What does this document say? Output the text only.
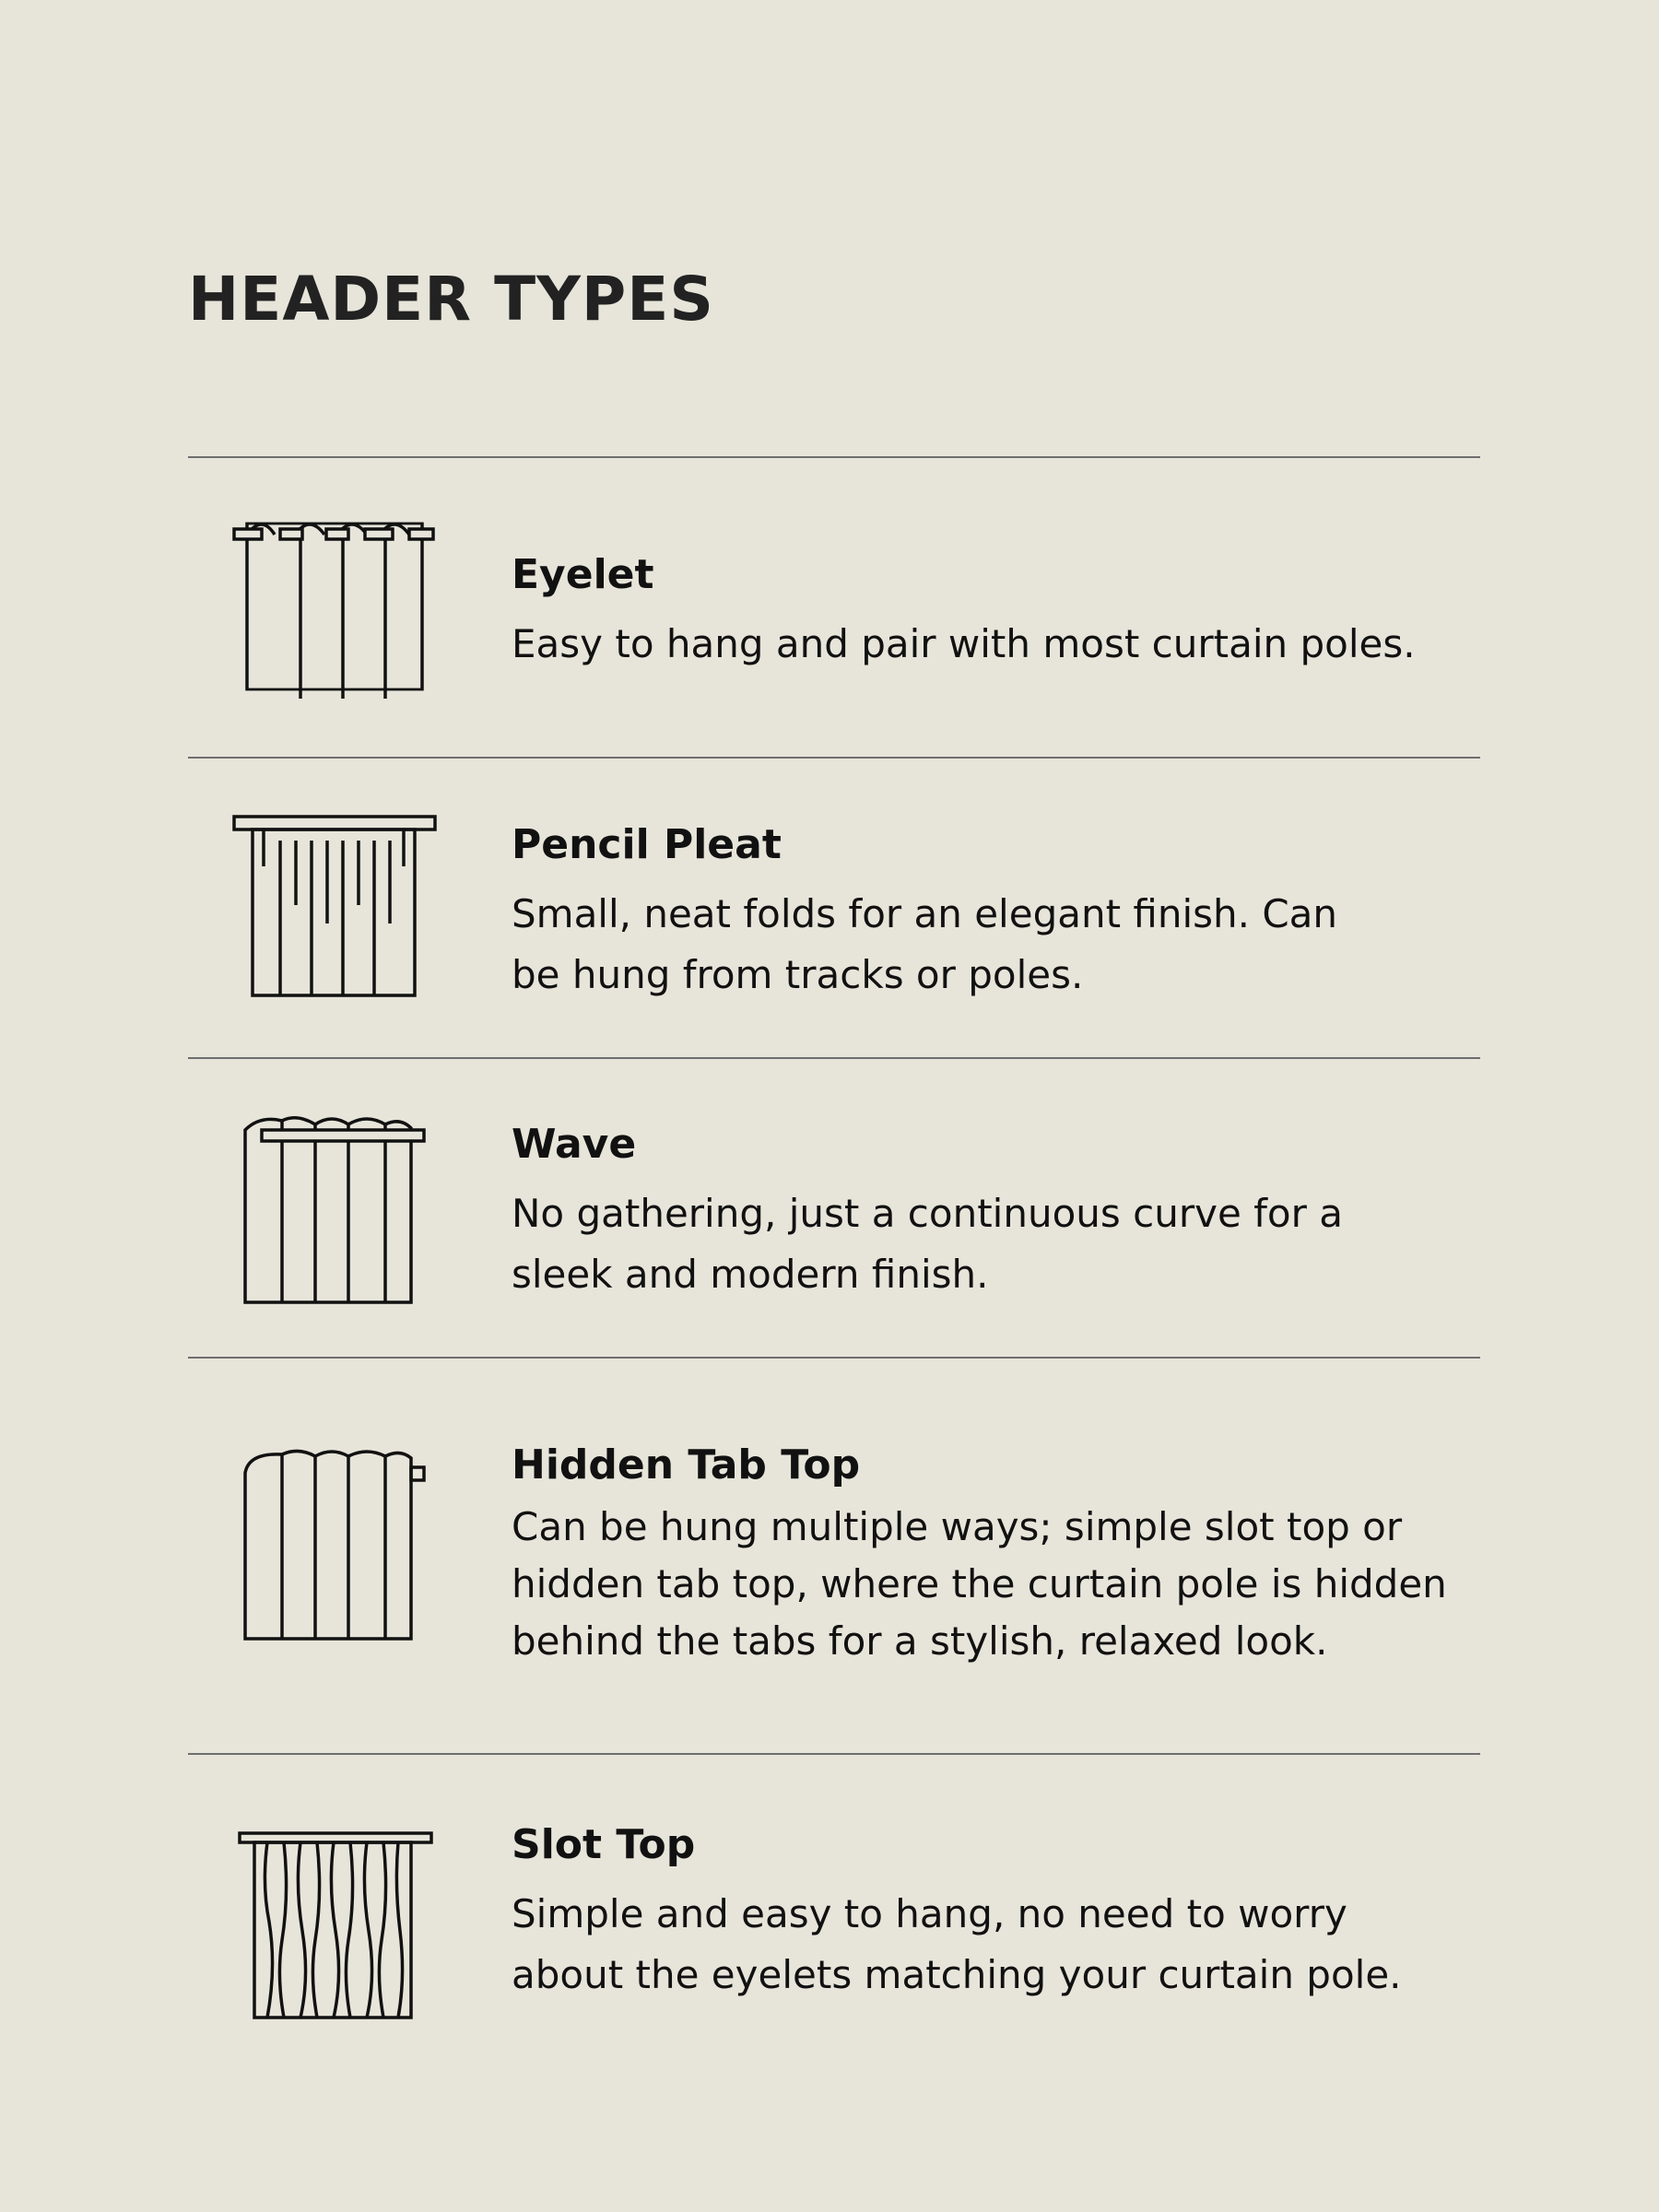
HEADER TYPES

Eyelet

Easy to hang and pair with most curtain poles.

Pencil Pleat

Small, neat folds for an elegant finish. Can
be hung from tracks or poles.

Wave

No gathering, just a continuous curve for a
sleek and modern finish.

Hidden Tab Top

Can be hung multiple ways; simple slot top or
hidden tab top, where the curtain pole is hidden
behind the tabs for a stylish, relaxed look.

Slot Top

Simple and easy to hang, no need to worry
about the eyelets matching your curtain pole.
